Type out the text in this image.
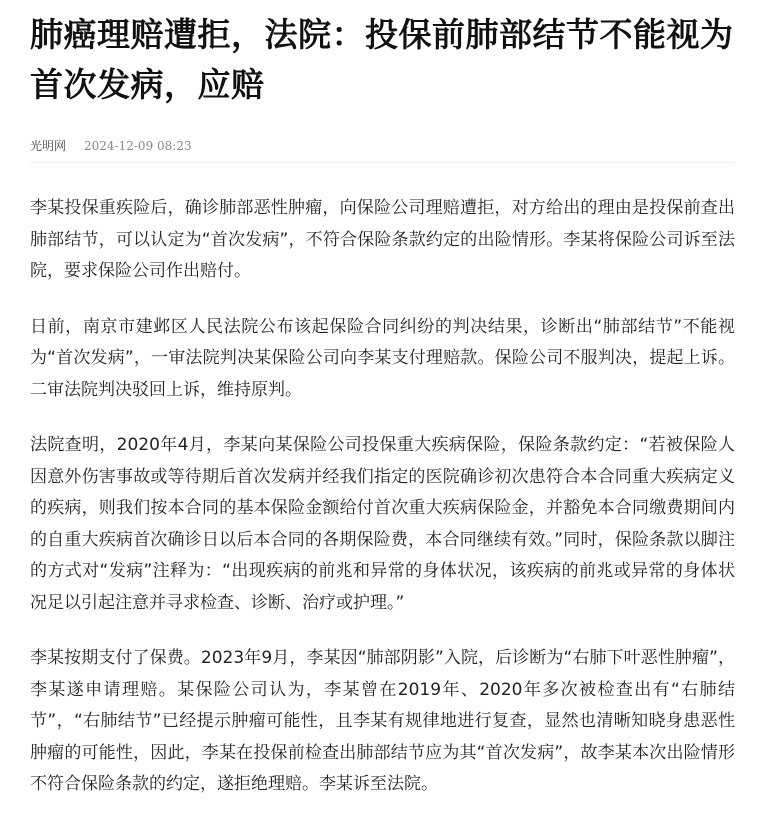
肺癌理赔遭拒，法院：投保前肺部结节不能视为首次发病，应赔
光明网 2024-12-09 08:23

李某投保重疾险后，确诊肺部恶性肿瘤，向保险公司理赔遭拒，对方给出的理由是投保前查出肺部结节，可以认定为“首次发病”，不符合保险条款约定的出险情形。李某将保险公司诉至法院，要求保险公司作出赔付。

日前，南京市建邺区人民法院公布该起保险合同纠纷的判决结果，诊断出“肺部结节”不能视为“首次发病”，一审法院判决某保险公司向李某支付理赔款。保险公司不服判决，提起上诉。二审法院判决驳回上诉，维持原判。

法院查明，2020年4月，李某向某保险公司投保重大疾病保险，保险条款约定：“若被保险人因意外伤害事故或等待期后首次发病并经我们指定的医院确诊初次患符合本合同重大疾病定义的疾病，则我们按本合同的基本保险金额给付首次重大疾病保险金，并豁免本合同缴费期间内的自重大疾病首次确诊日以后本合同的各期保险费，本合同继续有效。”同时，保险条款以脚注的方式对“发病”注释为：“出现疾病的前兆和异常的身体状况，该疾病的前兆或异常的身体状况足以引起注意并寻求检查、诊断、治疗或护理。”

李某按期支付了保费。2023年9月，李某因“肺部阴影”入院，后诊断为“右肺下叶恶性肿瘤”，李某遂申请理赔。某保险公司认为，李某曾在2019年、2020年多次被检查出有“右肺结节”，“右肺结节”已经提示肿瘤可能性，且李某有规律地进行复查，显然也清晰知晓身患恶性肿瘤的可能性，因此，李某在投保前检查出肺部结节应为其“首次发病”，故李某本次出险情形不符合保险条款的约定，遂拒绝理赔。李某诉至法院。
